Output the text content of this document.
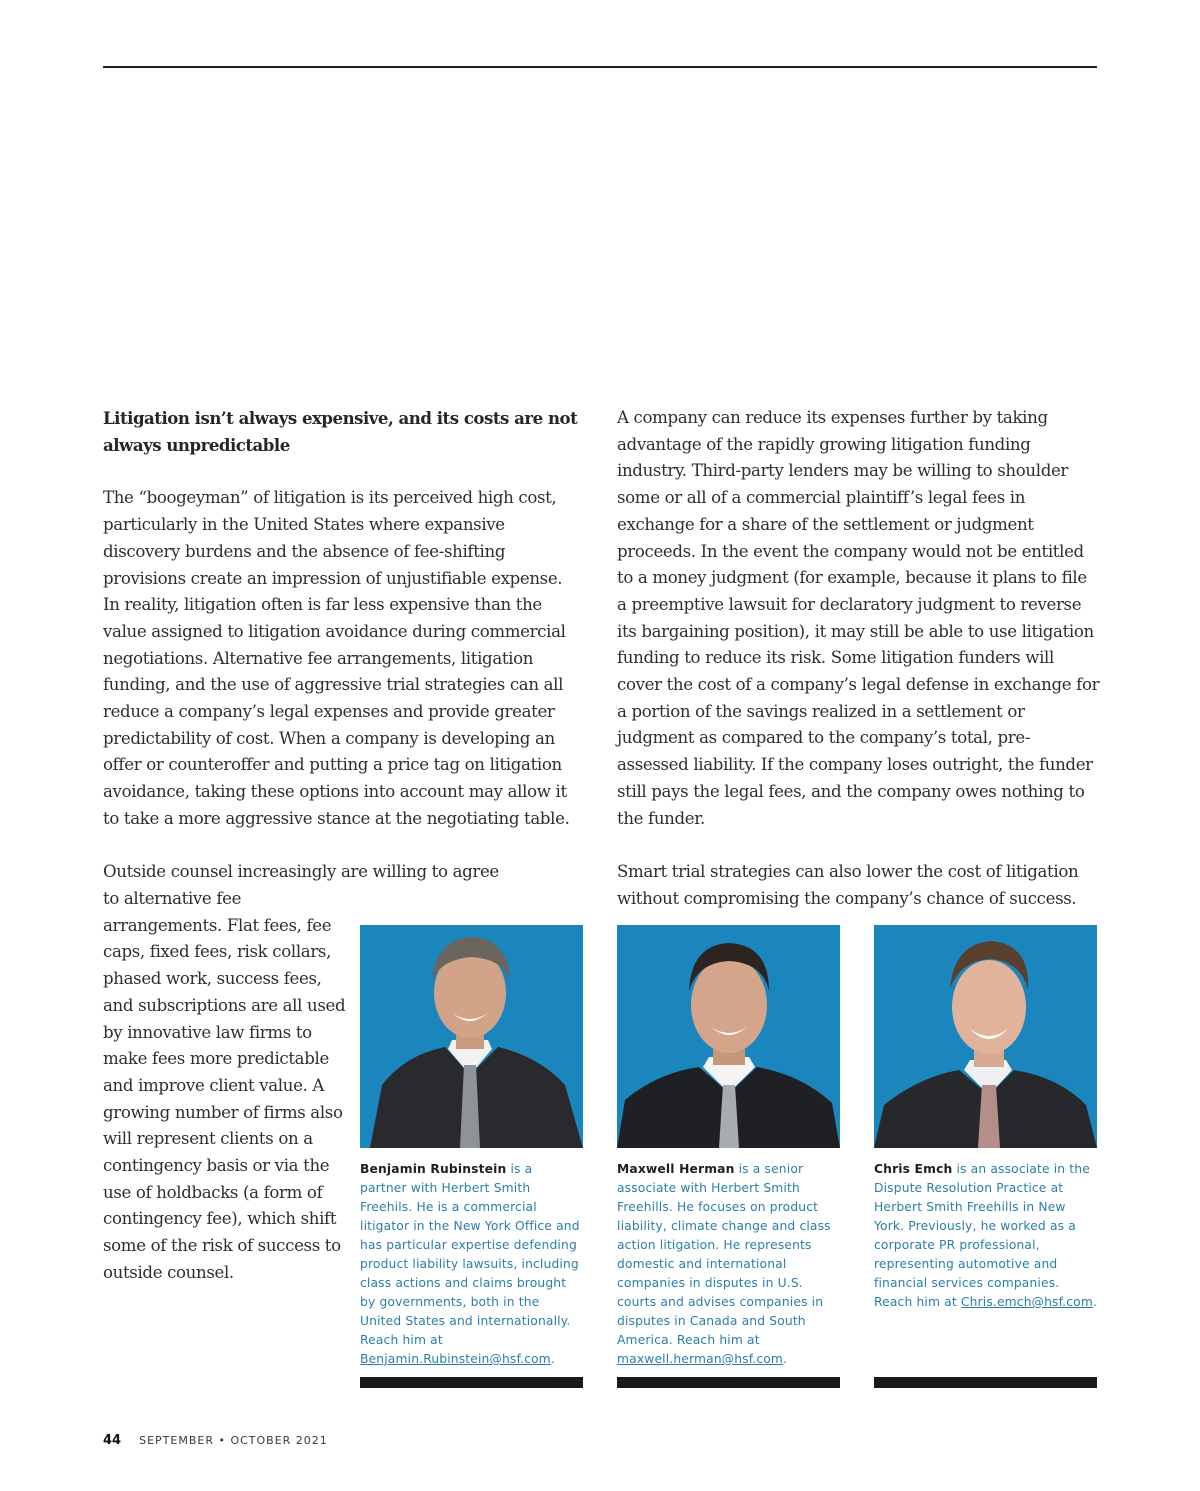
Litigation isn’t always expensive, and its costs are not always unpredictable

The “boogeyman” of litigation is its perceived high cost, particularly in the United States where expansive discovery burdens and the absence of fee-shifting provisions create an impression of unjustifiable expense. In reality, litigation often is far less expensive than the value assigned to litigation avoidance during commercial negotiations. Alternative fee arrangements, litigation funding, and the use of aggressive trial strategies can all reduce a company’s legal expenses and provide greater predictability of cost. When a company is developing an offer or counteroffer and putting a price tag on litigation avoidance, taking these options into account may allow it to take a more aggressive stance at the negotiating table.

Outside counsel increasingly are willing to agree

to alternative fee arrangements. Flat fees, fee caps, fixed fees, risk collars, phased work, success fees, and subscriptions are all used by innovative law firms to make fees more predictable and improve client value. A growing number of firms also will represent clients on a contingency basis or via the use of holdbacks (a form of contingency fee), which shift some of the risk of success to outside counsel.

A company can reduce its expenses further by taking advantage of the rapidly growing litigation funding industry. Third-party lenders may be willing to shoulder some or all of a commercial plaintiff’s legal fees in exchange for a share of the settlement or judgment proceeds. In the event the company would not be entitled to a money judgment (for example, because it plans to file a preemptive lawsuit for declaratory judgment to reverse its bargaining position), it may still be able to use litigation funding to reduce its risk. Some litigation funders will cover the cost of a company’s legal defense in exchange for a portion of the savings realized in a settlement or judgment as compared to the company’s total, pre-assessed liability. If the company loses outright, the funder still pays the legal fees, and the company owes nothing to the funder.

Smart trial strategies can also lower the cost of litigation without compromising the company’s chance of success.

Benjamin Rubinstein is a partner with Herbert Smith Freehils. He is a commercial litigator in the New York Office and has particular expertise defending product liability lawsuits, including class actions and claims brought by governments, both in the United States and internationally. Reach him at Benjamin.Rubinstein@hsf.com.

Maxwell Herman is a senior associate with Herbert Smith Freehills. He focuses on product liability, climate change and class action litigation. He represents domestic and international companies in disputes in U.S. courts and advises companies in disputes in Canada and South America. Reach him at maxwell.herman@hsf.com.

Chris Emch is an associate in the Dispute Resolution Practice at Herbert Smith Freehills in New York. Previously, he worked as a corporate PR professional, representing automotive and financial services companies. Reach him at Chris.emch@hsf.com.

44 SEPTEMBER • OCTOBER 2021
